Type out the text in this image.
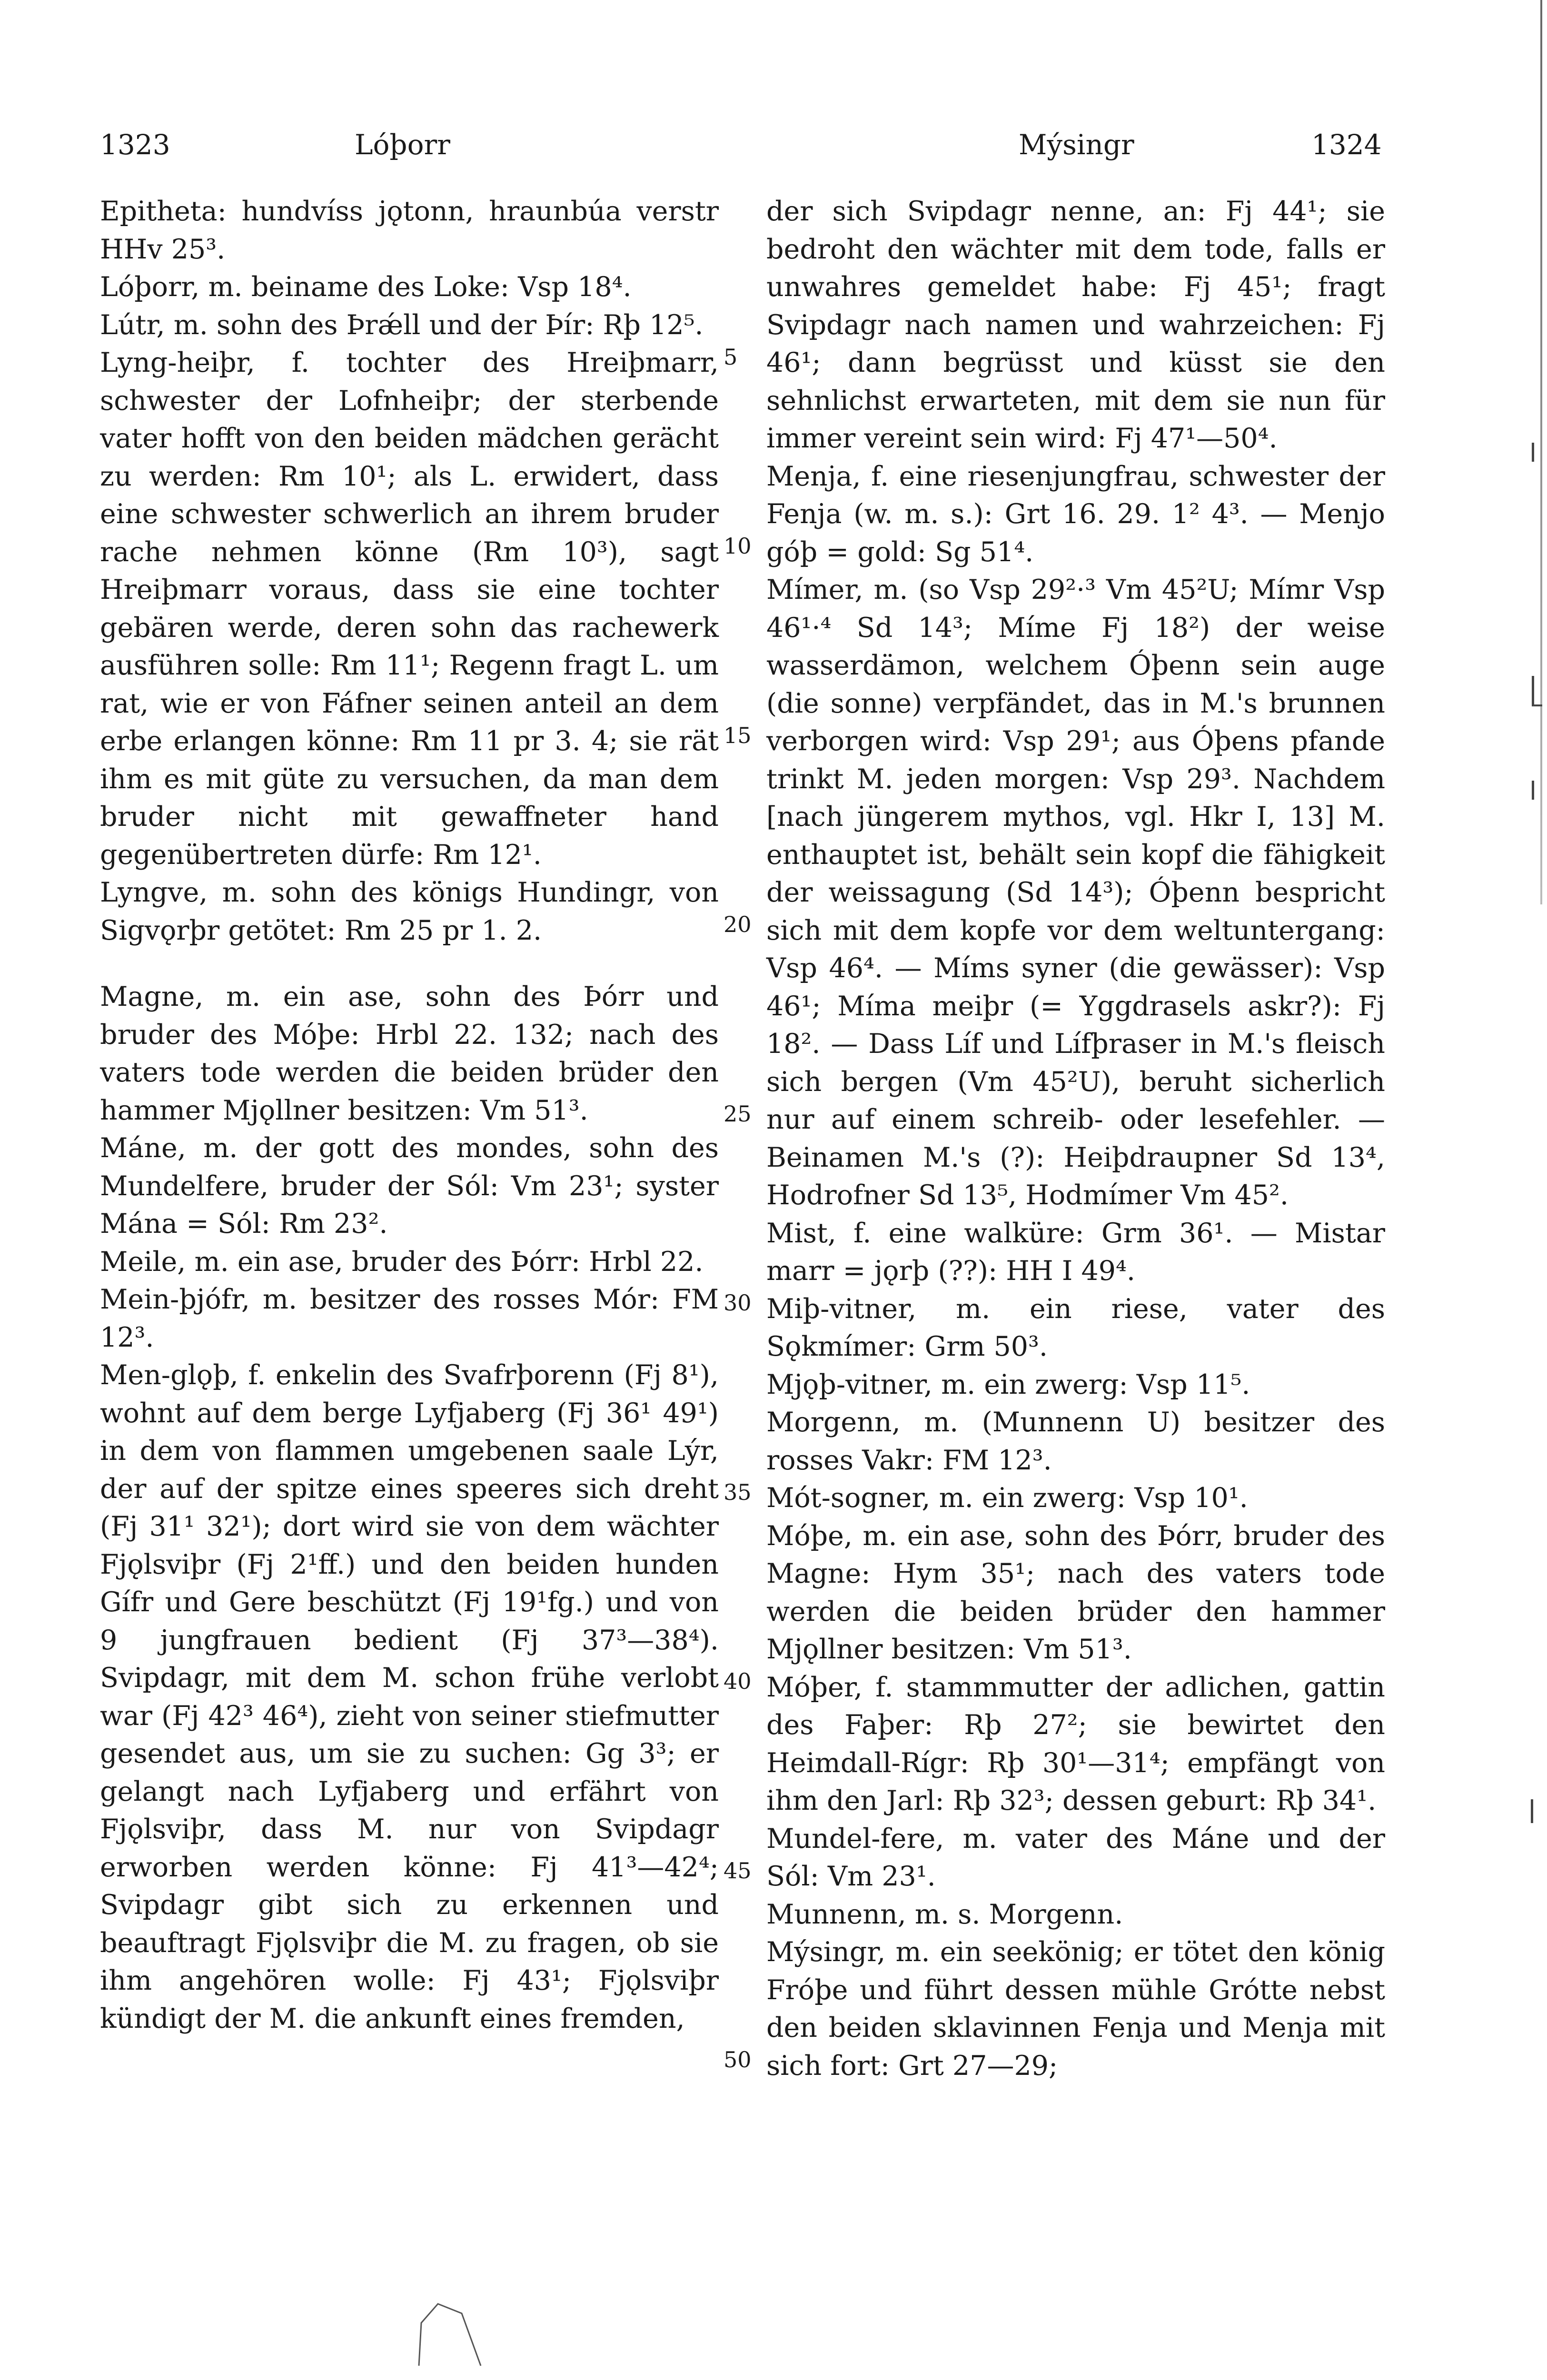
1323	Lóþorr	Mýsingr	1324

Epitheta: hundvíss jǫtonn, hraunbúa verstr HHv 25³.

Lóþorr, m. beiname des Loke: Vsp 18⁴.

Lútr, m. sohn des Þrǽll und der Þír: Rþ 12⁵.

Lyng-heiþr, f. tochter des Hreiþmarr, schwester der Lofnheiþr; der sterbende vater hofft von den beiden mädchen gerächt zu werden: Rm 10¹; als L. erwidert, dass eine schwester schwerlich an ihrem bruder rache nehmen könne (Rm 10³), sagt Hreiþmarr voraus, dass sie eine tochter gebären werde, deren sohn das rachewerk ausführen solle: Rm 11¹; Regenn fragt L. um rat, wie er von Fáfner seinen anteil an dem erbe erlangen könne: Rm 11 pr 3. 4; sie rät ihm es mit güte zu versuchen, da man dem bruder nicht mit gewaffneter hand gegenübertreten dürfe: Rm 12¹.

Lyngve, m. sohn des königs Hundingr, von Sigvǫrþr getötet: Rm 25 pr 1. 2.

Magne, m. ein ase, sohn des Þórr und bruder des Móþe: Hrbl 22. 132; nach des vaters tode werden die beiden brüder den hammer Mjǫllner besitzen: Vm 51³.

Máne, m. der gott des mondes, sohn des Mundelfere, bruder der Sól: Vm 23¹; syster Mána = Sól: Rm 23².

Meile, m. ein ase, bruder des Þórr: Hrbl 22.

Mein-þjófr, m. besitzer des rosses Mór: FM 12³.

Men-glǫþ, f. enkelin des Svafrþorenn (Fj 8¹), wohnt auf dem berge Lyfjaberg (Fj 36¹ 49¹) in dem von flammen umgebenen saale Lýr, der auf der spitze eines speeres sich dreht (Fj 31¹ 32¹); dort wird sie von dem wächter Fjǫlsviþr (Fj 2¹ff.) und den beiden hunden Gífr und Gere beschützt (Fj 19¹fg.) und von 9 jungfrauen bedient (Fj 37³—38⁴). Svipdagr, mit dem M. schon frühe verlobt war (Fj 42³ 46⁴), zieht von seiner stiefmutter gesendet aus, um sie zu suchen: Gg 3³; er gelangt nach Lyfjaberg und erfährt von Fjǫlsviþr, dass M. nur von Svipdagr erworben werden könne: Fj 41³—42⁴; Svipdagr gibt sich zu erkennen und beauftragt Fjǫlsviþr die M. zu fragen, ob sie ihm angehören wolle: Fj 43¹; Fjǫlsviþr kündigt der M. die ankunft eines fremden,

5
10
15
20
25
30
35
40
45
50

der sich Svipdagr nenne, an: Fj 44¹; sie bedroht den wächter mit dem tode, falls er unwahres gemeldet habe: Fj 45¹; fragt Svipdagr nach namen und wahrzeichen: Fj 46¹; dann begrüsst und küsst sie den sehnlichst erwarteten, mit dem sie nun für immer vereint sein wird: Fj 47¹—50⁴.

Menja, f. eine riesenjungfrau, schwester der Fenja (w. m. s.): Grt 16. 29. 1² 4³. — Menjo góþ = gold: Sg 51⁴.

Mímer, m. (so Vsp 29²·³ Vm 45²U; Mímr Vsp 46¹·⁴ Sd 14³; Míme Fj 18²) der weise wasserdämon, welchem Óþenn sein auge (die sonne) verpfändet, das in M.'s brunnen verborgen wird: Vsp 29¹; aus Óþens pfande trinkt M. jeden morgen: Vsp 29³. Nachdem [nach jüngerem mythos, vgl. Hkr I, 13] M. enthauptet ist, behält sein kopf die fähigkeit der weissagung (Sd 14³); Óþenn bespricht sich mit dem kopfe vor dem weltuntergang: Vsp 46⁴. — Míms syner (die gewässer): Vsp 46¹; Míma meiþr (= Yggdrasels askr?): Fj 18². — Dass Líf und Lífþraser in M.'s fleisch sich bergen (Vm 45²U), beruht sicherlich nur auf einem schreib- oder lesefehler. — Beinamen M.'s (?): Heiþdraupner Sd 13⁴, Hodrofner Sd 13⁵, Hodmímer Vm 45².

Mist, f. eine walküre: Grm 36¹. — Mistar marr = jǫrþ (??): HH I 49⁴.

Miþ-vitner, m. ein riese, vater des Sǫkmímer: Grm 50³.

Mjǫþ-vitner, m. ein zwerg: Vsp 11⁵.

Morgenn, m. (Munnenn U) besitzer des rosses Vakr: FM 12³.

Mót-sogner, m. ein zwerg: Vsp 10¹.

Móþe, m. ein ase, sohn des Þórr, bruder des Magne: Hym 35¹; nach des vaters tode werden die beiden brüder den hammer Mjǫllner besitzen: Vm 51³.

Móþer, f. stammmutter der adlichen, gattin des Faþer: Rþ 27²; sie bewirtet den Heimdall-Rígr: Rþ 30¹—31⁴; empfängt von ihm den Jarl: Rþ 32³; dessen geburt: Rþ 34¹.

Mundel-fere, m. vater des Máne und der Sól: Vm 23¹.

Munnenn, m. s. Morgenn.

Mýsingr, m. ein seekönig; er tötet den könig Fróþe und führt dessen mühle Grótte nebst den beiden sklavinnen Fenja und Menja mit sich fort: Grt 27—29;
